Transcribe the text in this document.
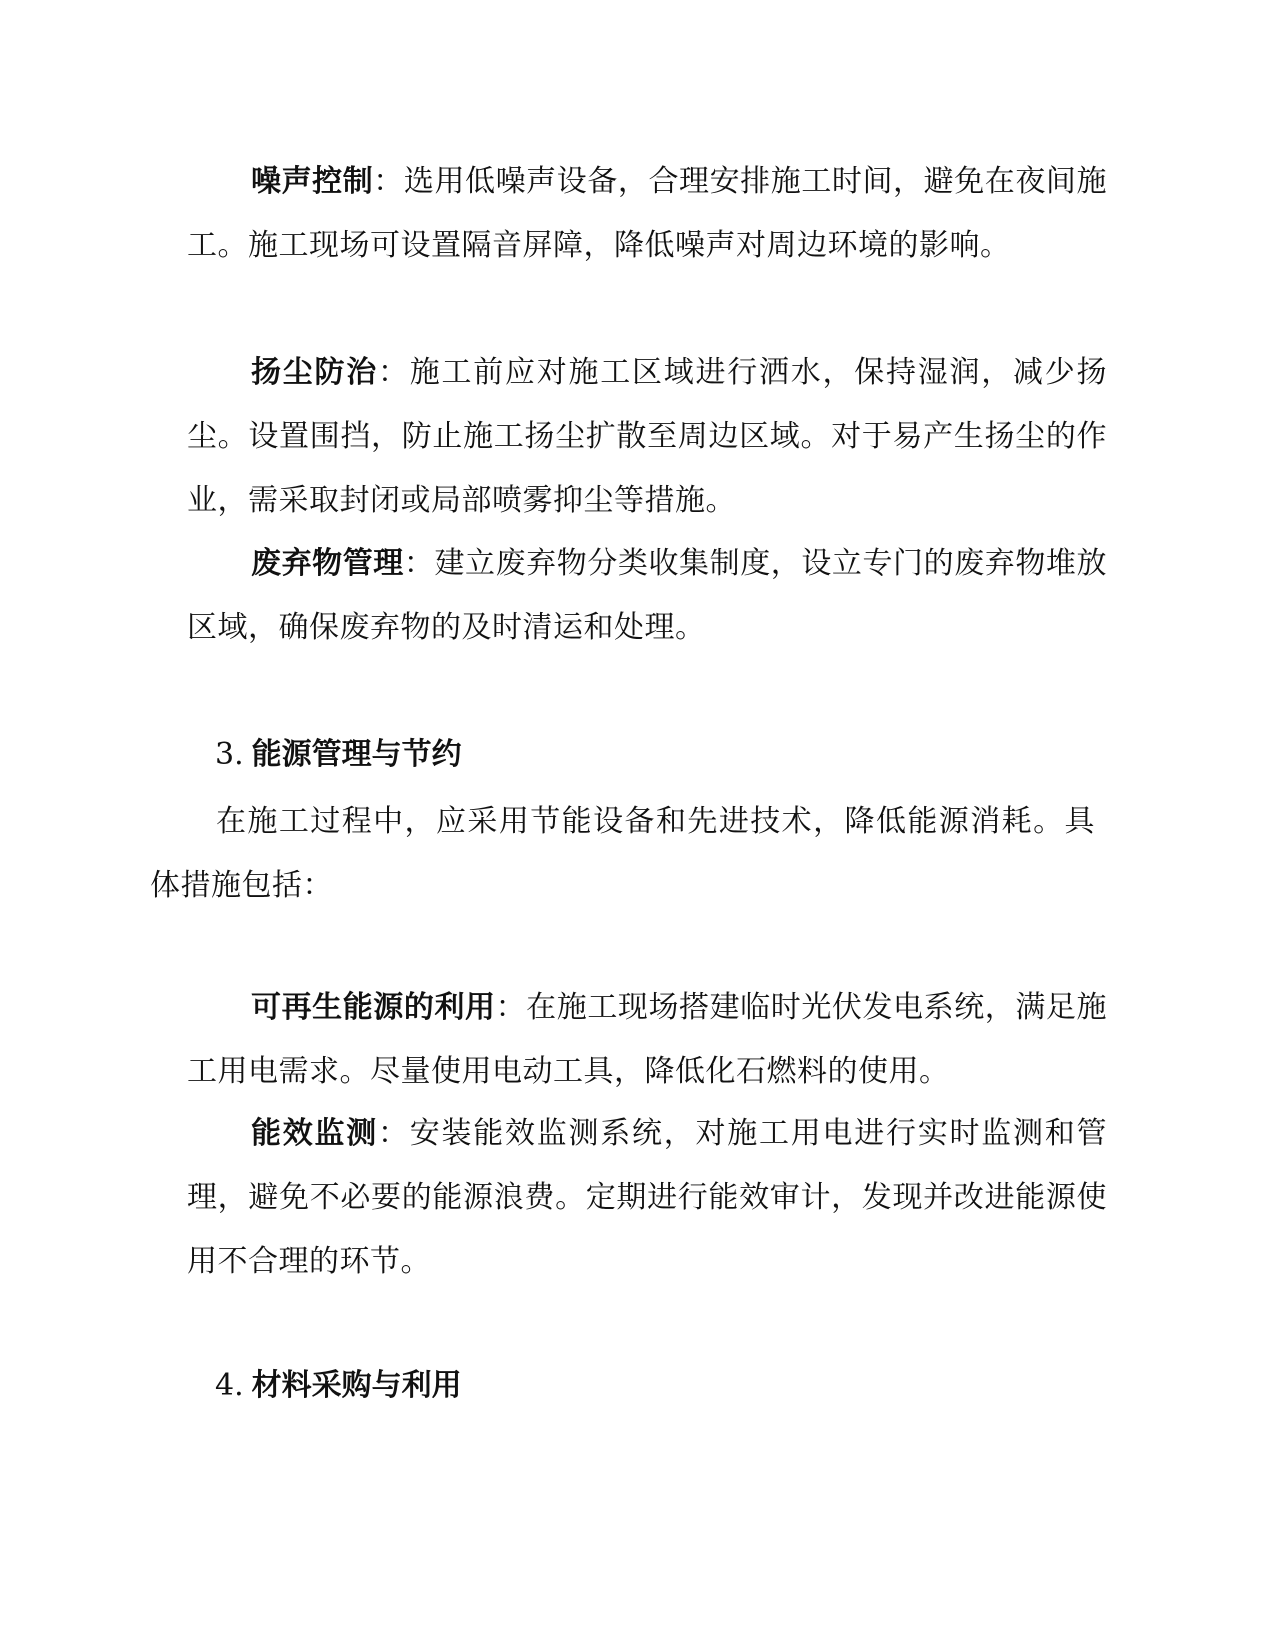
噪声控制：选用低噪声设备，合理安排施工时间，避免在夜间施工。施工现场可设置隔音屏障，降低噪声对周边环境的影响。

扬尘防治：施工前应对施工区域进行洒水，保持湿润，减少扬尘。设置围挡，防止施工扬尘扩散至周边区域。对于易产生扬尘的作业，需采取封闭或局部喷雾抑尘等措施。

废弃物管理：建立废弃物分类收集制度，设立专门的废弃物堆放区域，确保废弃物的及时清运和处理。

3. 能源管理与节约

在施工过程中，应采用节能设备和先进技术，降低能源消耗。具体措施包括：

可再生能源的利用：在施工现场搭建临时光伏发电系统，满足施工用电需求。尽量使用电动工具，降低化石燃料的使用。

能效监测：安装能效监测系统，对施工用电进行实时监测和管理，避免不必要的能源浪费。定期进行能效审计，发现并改进能源使用不合理的环节。

4. 材料采购与利用
